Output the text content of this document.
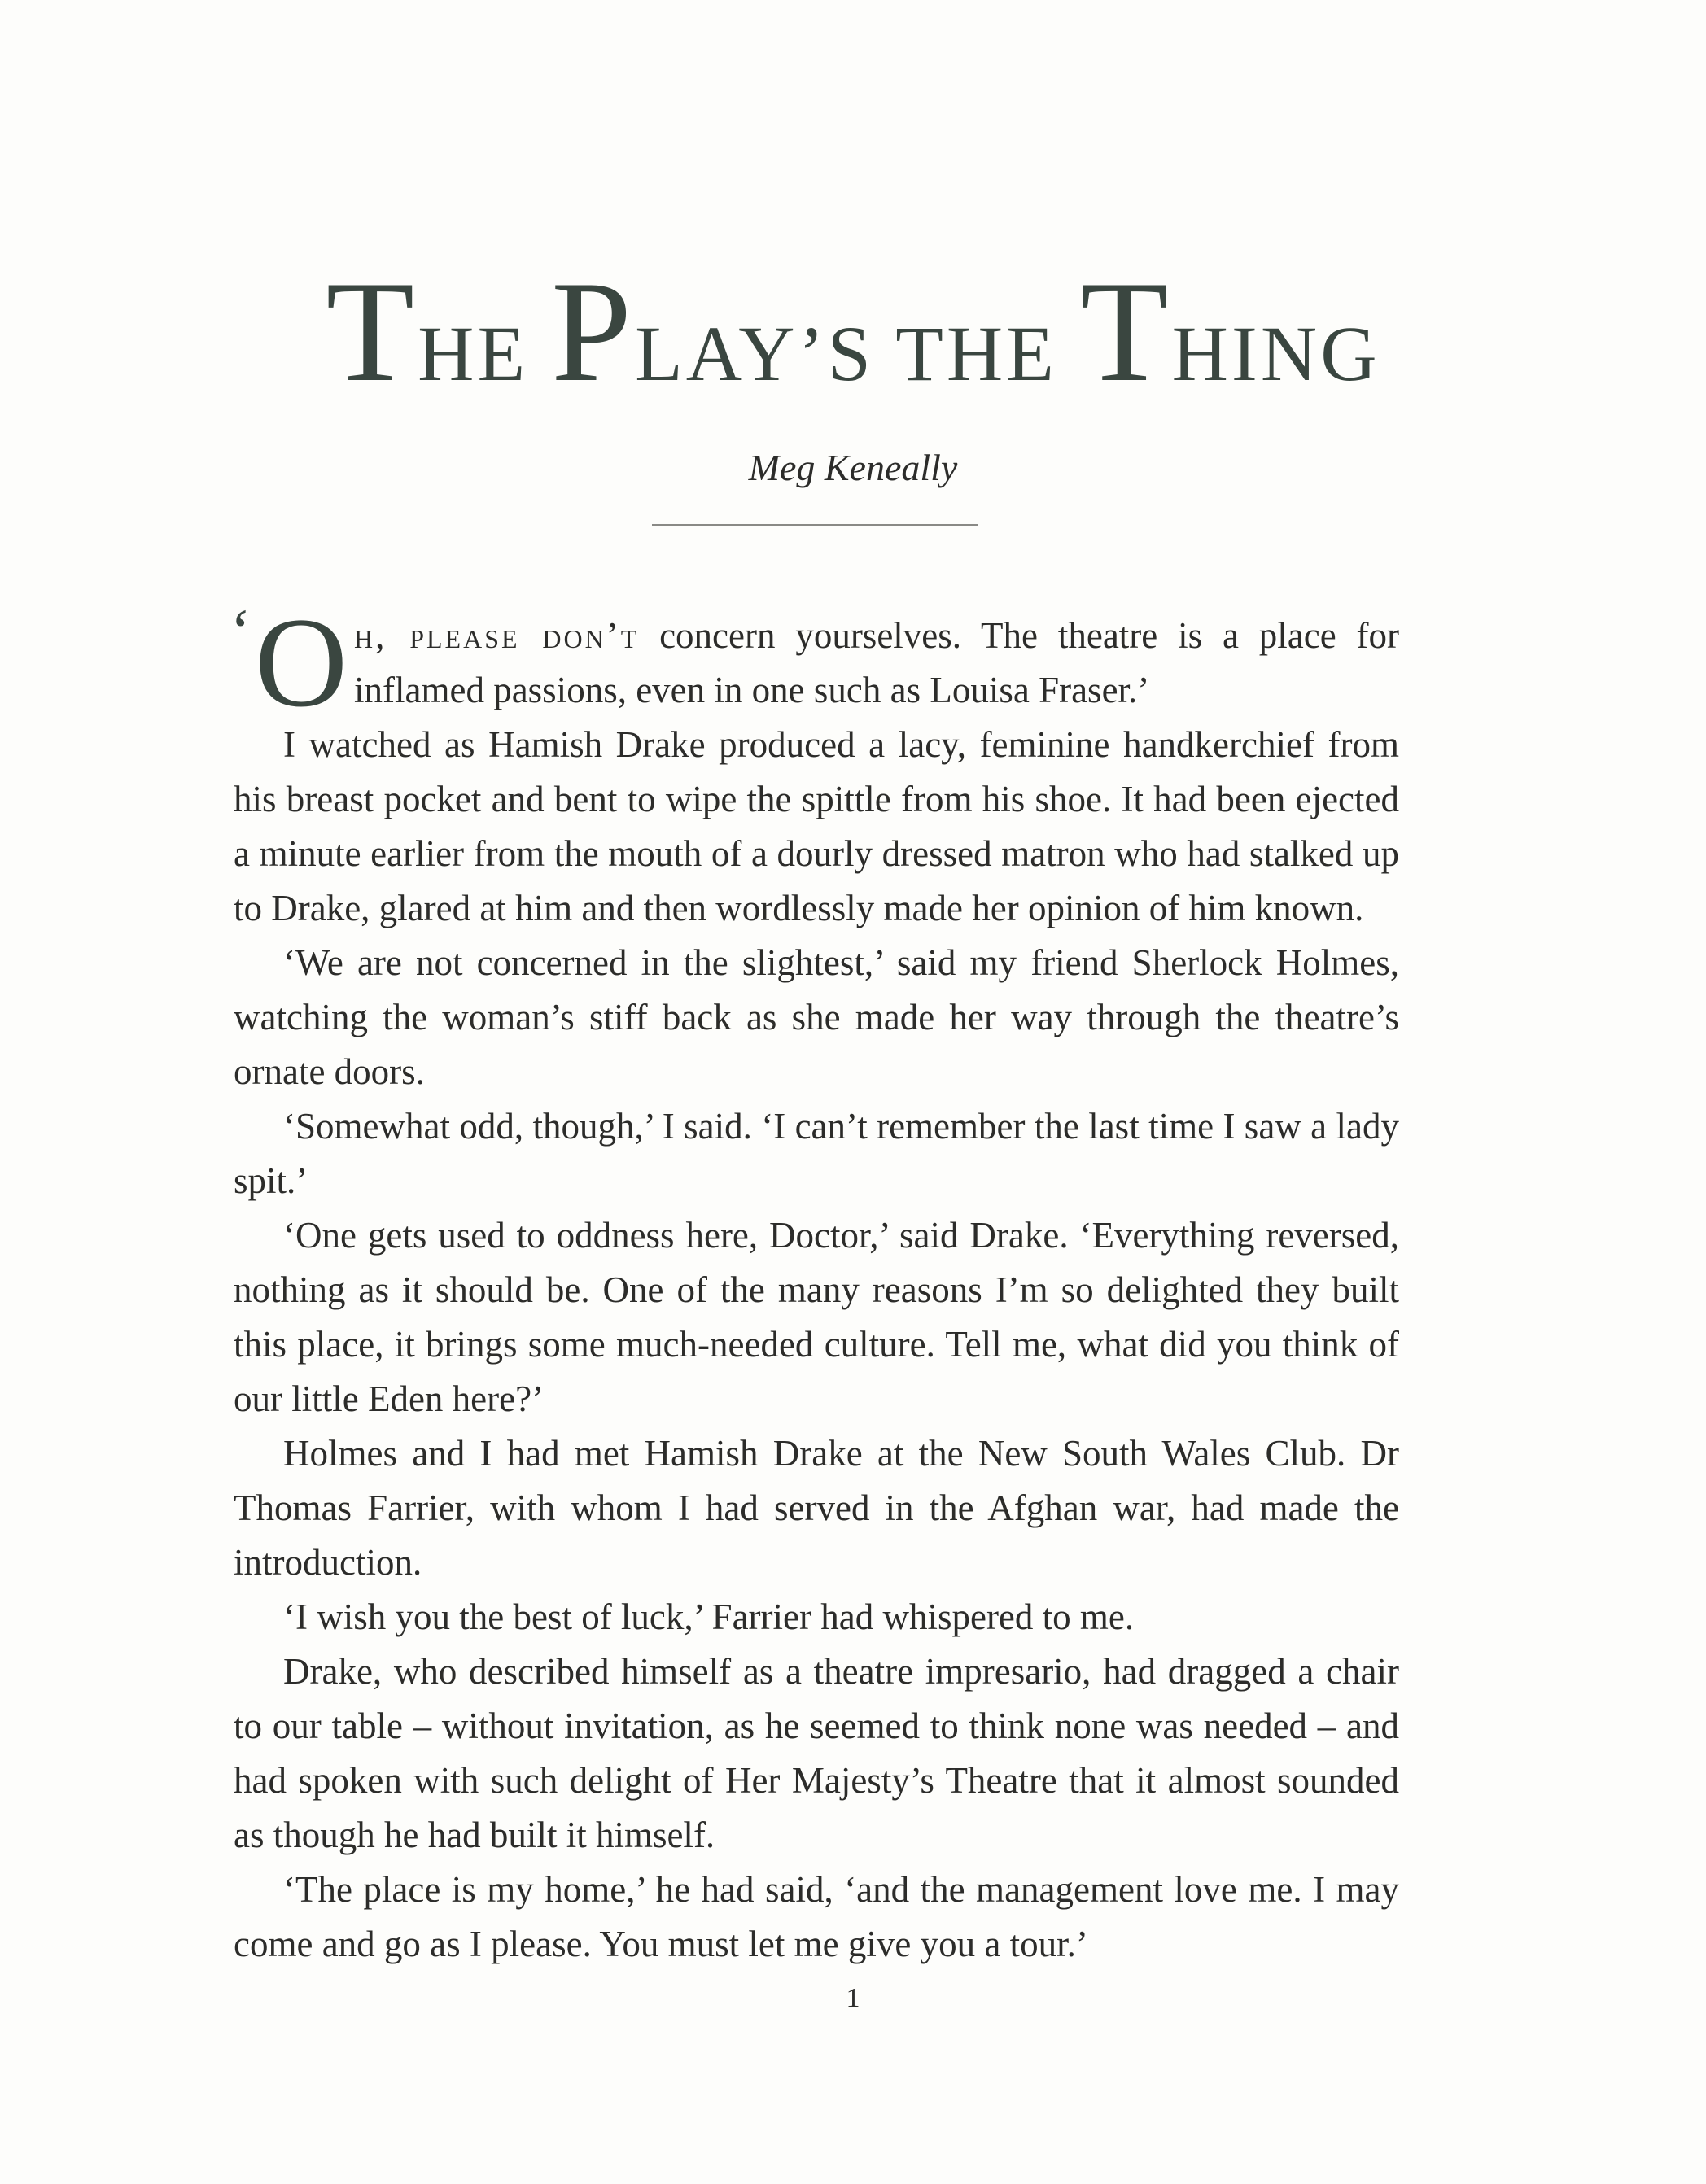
THE PLAY’S THE THING
Meg Keneally

‘ O h, please don’t concern yourselves. The theatre is a place for inflamed passions, even in one such as Louisa Fraser.’

I watched as Hamish Drake produced a lacy, feminine handkerchief from his breast pocket and bent to wipe the spittle from his shoe. It had been ejected a minute earlier from the mouth of a dourly dressed matron who had stalked up to Drake, glared at him and then wordlessly made her opinion of him known.

‘We are not concerned in the slightest,’ said my friend Sherlock Holmes, watching the woman’s stiff back as she made her way through the theatre’s ornate doors.

‘Somewhat odd, though,’ I said. ‘I can’t remember the last time I saw a lady spit.’

‘One gets used to oddness here, Doctor,’ said Drake. ‘Everything reversed, nothing as it should be. One of the many reasons I’m so delighted they built this place, it brings some much-needed culture. Tell me, what did you think of our little Eden here?’

Holmes and I had met Hamish Drake at the New South Wales Club. Dr Thomas Farrier, with whom I had served in the Afghan war, had made the introduction.

‘I wish you the best of luck,’ Farrier had whispered to me.

Drake, who described himself as a theatre impresario, had dragged a chair to our table – without invitation, as he seemed to think none was needed – and had spoken with such delight of Her Majesty’s Theatre that it almost sounded as though he had built it himself.

‘The place is my home,’ he had said, ‘and the management love me. I may come and go as I please. You must let me give you a tour.’

1
